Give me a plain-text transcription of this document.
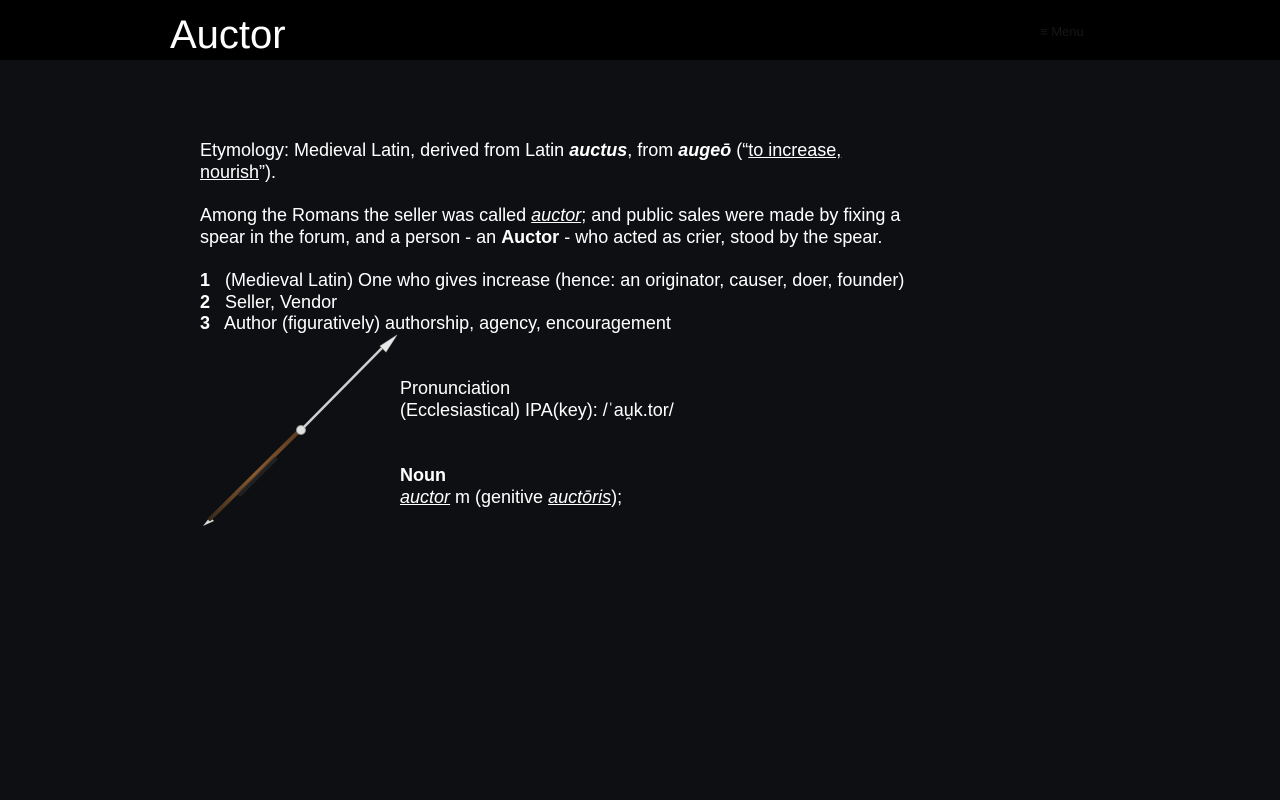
Auctor	≡ Menu

Etymology: Medieval Latin, derived from Latin auctus, from augeō (“to increase, nourish”).

Among the Romans the seller was called auctor; and public sales were made by fixing a spear in the forum, and a person - an Auctor - who acted as crier, stood by the spear.

1 (Medieval Latin) One who gives increase (hence: an originator, causer, doer, founder)
2 Seller, Vendor
3 Author (figuratively) authorship, agency, encouragement
Pronunciation
(Ecclesiastical) IPA(key): /ˈau̯k.tor/
Noun
auctor m (genitive auctōris);
